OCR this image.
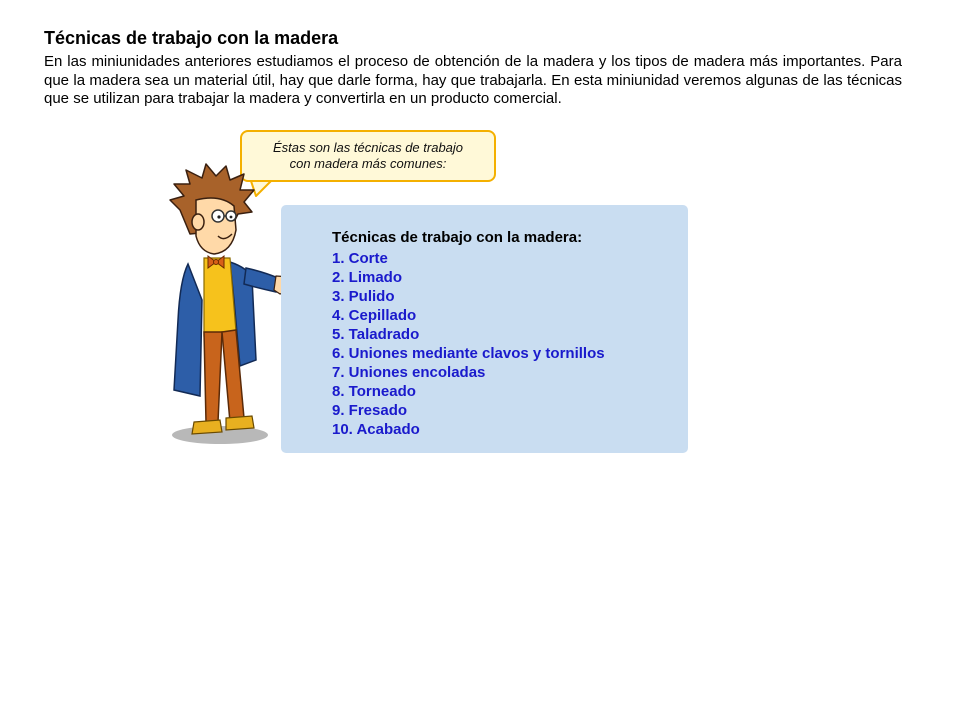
Técnicas de trabajo con la madera

En las miniunidades anteriores estudiamos el proceso de obtención de la madera y los tipos de madera más importantes. Para que la madera sea un material útil, hay que darle forma, hay que trabajarla. En esta miniunidad veremos algunas de las técnicas que se utilizan para trabajar la madera y convertirla en un producto comercial.

Éstas son las técnicas de trabajo
con madera más comunes:
Técnicas de trabajo con la madera:
1. Corte
2. Limado
3. Pulido
4. Cepillado
5. Taladrado
6. Uniones mediante clavos y tornillos
7. Uniones encoladas
8. Torneado
9. Fresado
10. Acabado
